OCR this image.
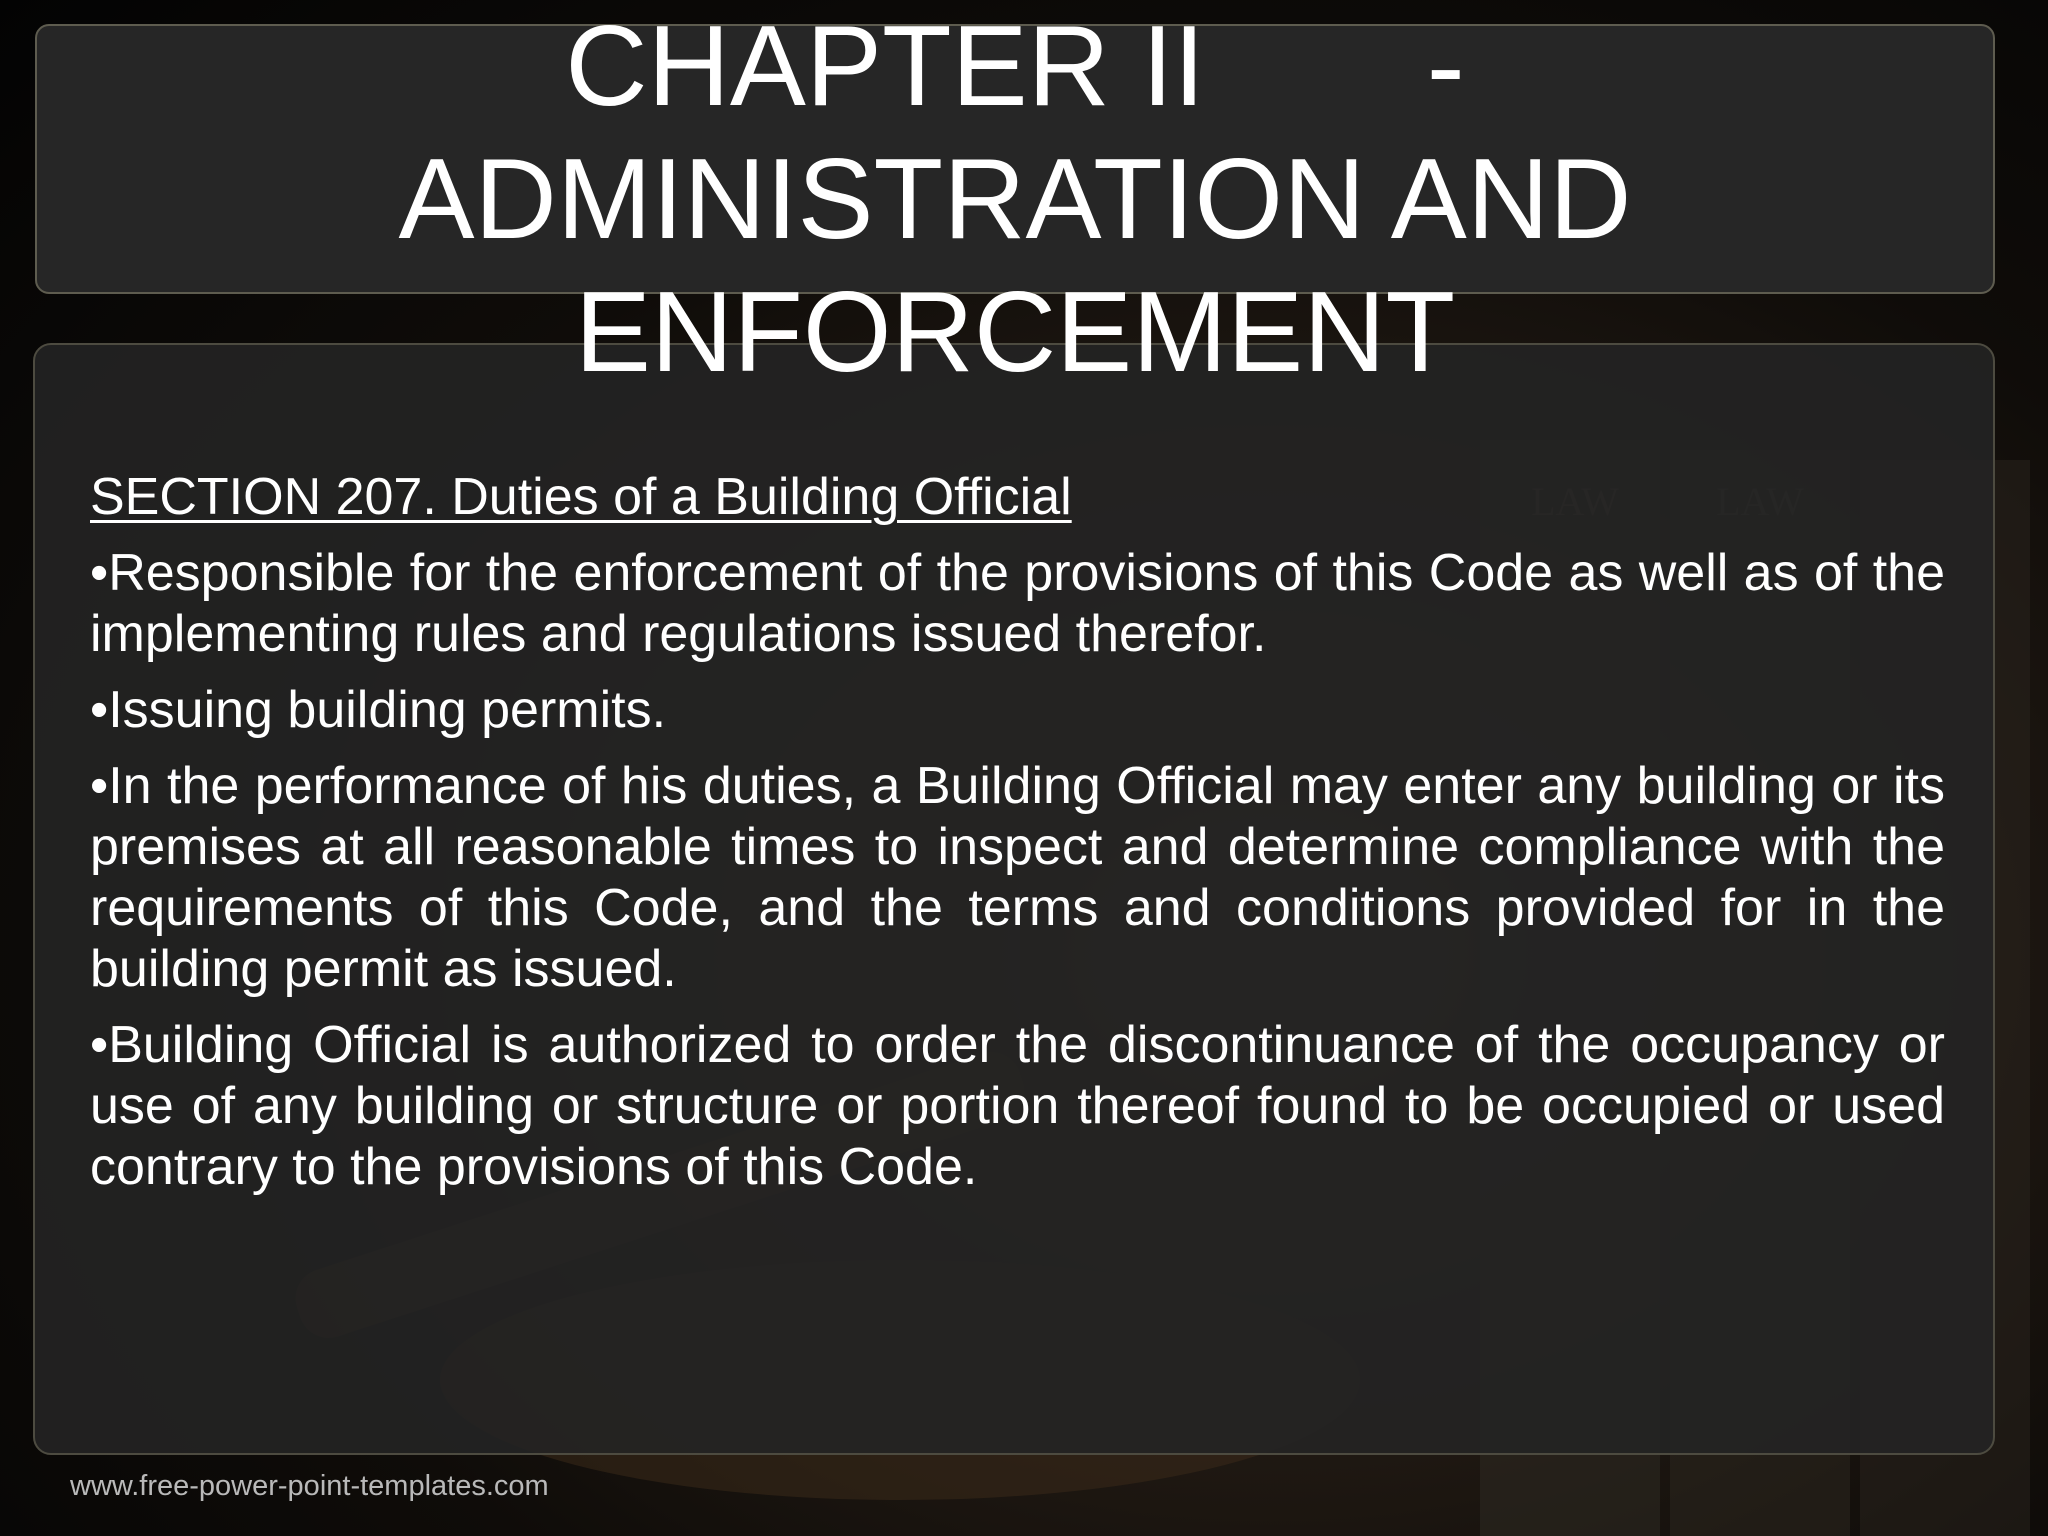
CHAPTER II       -
ADMINISTRATION AND
ENFORCEMENT

SECTION 207. Duties of a Building Official

•Responsible for the enforcement of the provisions of this Code as well as of the implementing rules and regulations issued therefor.

•Issuing building permits.

•In the performance of his duties, a Building Official may enter any building or its premises at all reasonable times to inspect and determine compliance with the requirements of this Code, and the terms and conditions provided for in the building permit as issued.

•Building Official is authorized to order the discontinuance of the occupancy or use of any building or structure or portion thereof found to be occupied or used contrary to the provisions of this Code.

www.free-power-point-templates.com
